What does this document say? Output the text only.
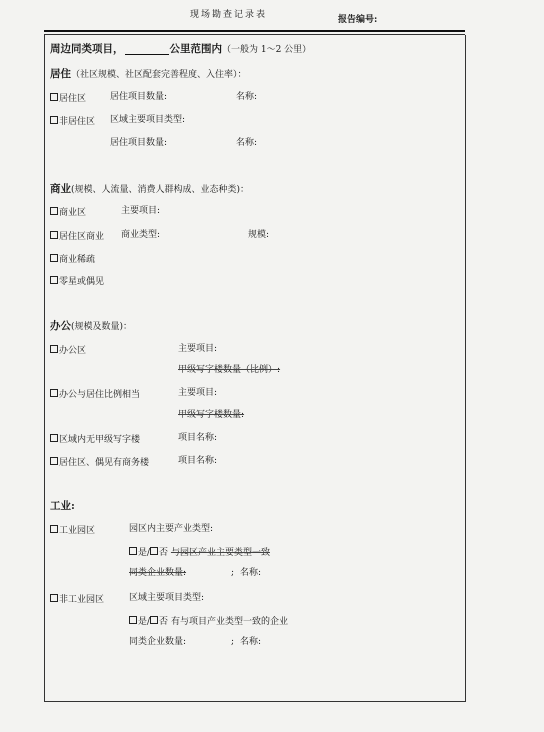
现场勘查记录表	报告编号:
周边同类项目，	公里范围内（一般为 1～2 公里）
居住（社区规模、社区配套完善程度、入住率）：
居住区	居住项目数量:	名称:
非居住区 区域主要项目类型:
居住项目数量:	名称:
商业(规模、人流量、消费人群构成、业态种类)：
商业区	主要项目:
居住区商业 商业类型:	规模:
商业稀疏
零星或偶见
办公(规模及数量)：
办公区	主要项目:
甲级写字楼数量（比例）:
办公与居住比例相当	主要项目:
甲级写字楼数量:
区域内无甲级写字楼	项目名称:
居住区、偶见有商务楼	项目名称:
工业:
工业园区	园区内主要产业类型:
是/ 否 与园区产业主要类型一致
同类企业数量:	; 名称:
非工业园区	区域主要项目类型:
是/ 否 有与项目产业类型一致的企业
同类企业数量:	; 名称:
